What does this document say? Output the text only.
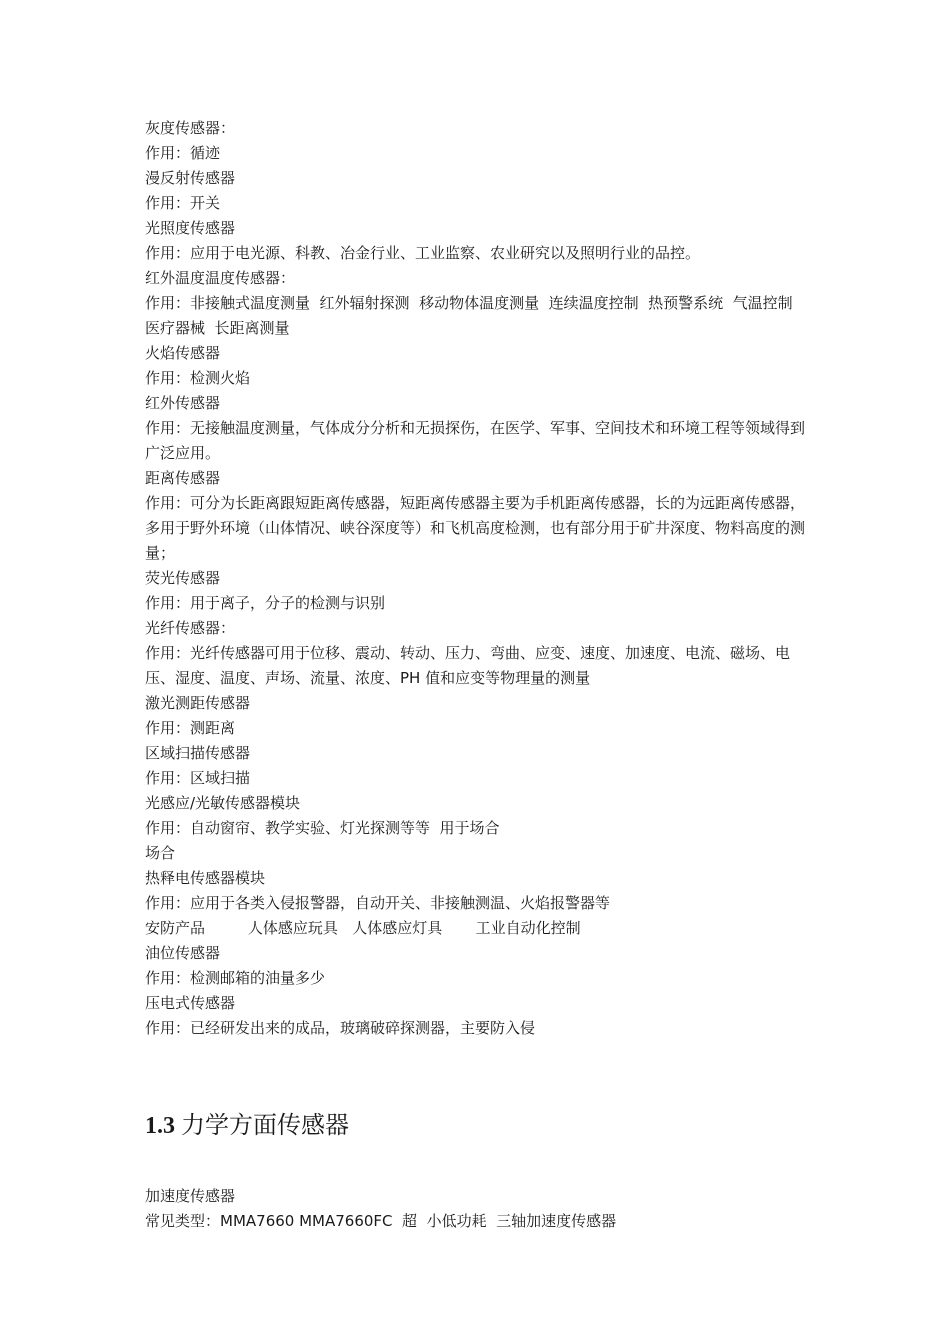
灰度传感器：

作用：循迹

漫反射传感器

作用：开关

光照度传感器

作用：应用于电光源、科教、冶金行业、工业监察、农业研究以及照明行业的品控。

红外温度温度传感器：

作用：非接触式温度测量  红外辐射探测  移动物体温度测量  连续温度控制  热预警系统  气温控制  医疗器械  长距离测量

火焰传感器

作用：检测火焰

红外传感器

作用：无接触温度测量，气体成分分析和无损探伤，在医学、军事、空间技术和环境工程等领域得到广泛应用。

距离传感器

作用：可分为长距离跟短距离传感器，短距离传感器主要为手机距离传感器，长的为远距离传感器，多用于野外环境（山体情况、峡谷深度等）和飞机高度检测，也有部分用于矿井深度、物料高度的测量；

荧光传感器

作用：用于离子，分子的检测与识别

光纤传感器：

作用：光纤传感器可用于位移、震动、转动、压力、弯曲、应变、速度、加速度、电流、磁场、电压、湿度、温度、声场、流量、浓度、PH 值和应变等物理量的测量

激光测距传感器

作用：测距离

区域扫描传感器

作用：区域扫描

光感应/光敏传感器模块

作用：自动窗帘、教学实验、灯光探测等等  用于场合

场合

热释电传感器模块

作用：应用于各类入侵报警器，自动开关、非接触测温、火焰报警器等

安防产品         人体感应玩具   人体感应灯具       工业自动化控制

油位传感器

作用：检测邮箱的油量多少

压电式传感器

作用：已经研发出来的成品，玻璃破碎探测器，主要防入侵

1.3 力学方面传感器

加速度传感器

常见类型：MMA7660 MMA7660FC  超  小低功耗  三轴加速度传感器
